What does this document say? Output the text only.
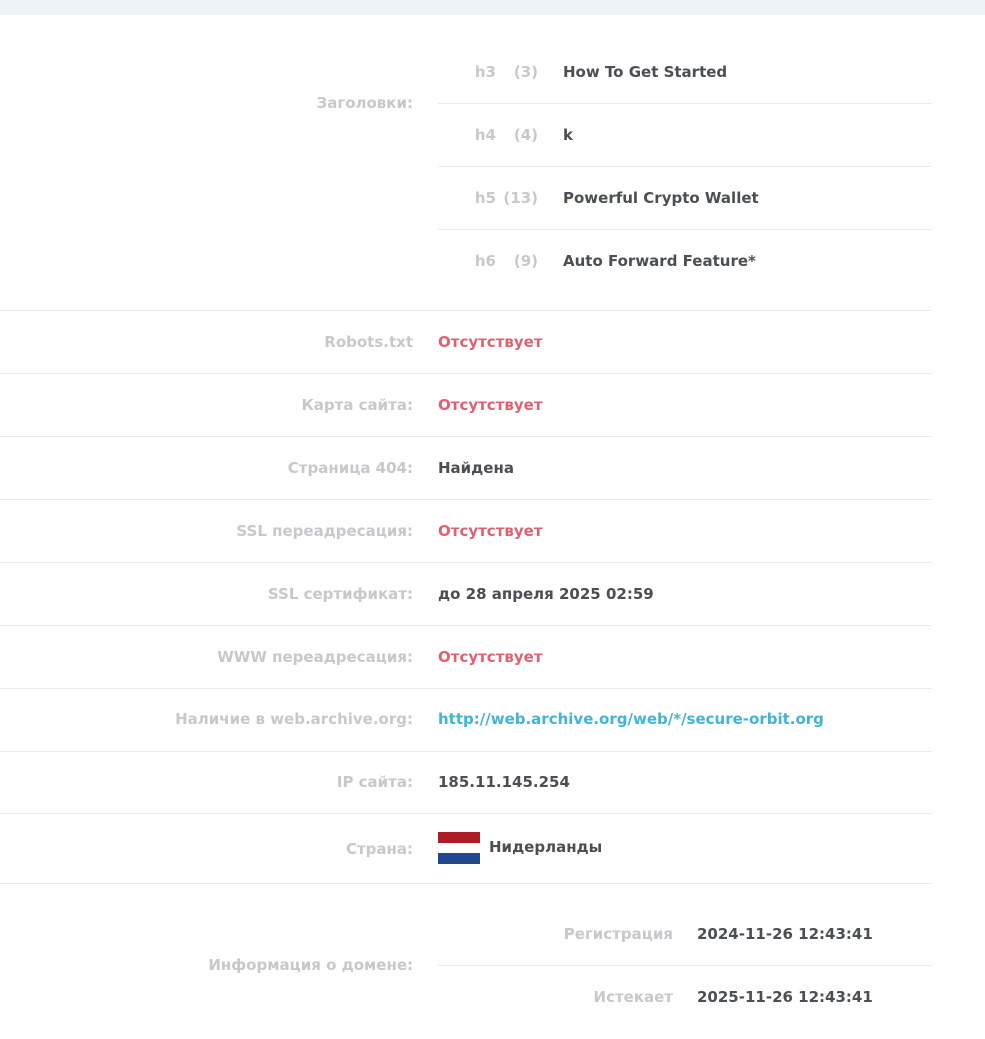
Заголовки:
h3	(3) How To Get Started
h4	(4) k
h5 (13) Powerful Crypto Wallet
h6	(9) Auto Forward Feature*
Robots.txt Отсутствует
Карта сайта: Отсутствует
Страница 404: Найдена
SSL переадресация: Отсутствует
SSL сертификат: до 28 апреля 2025 02:59
WWW переадресация: Отсутствует
Наличие в web.archive.org: http://web.archive.org/web/*/secure-orbit.org
IP сайта: 185.11.145.254
Страна:	Нидерланды
Информация о домене:
Регистрация 2024-11-26 12:43:41
Истекает 2025-11-26 12:43:41
